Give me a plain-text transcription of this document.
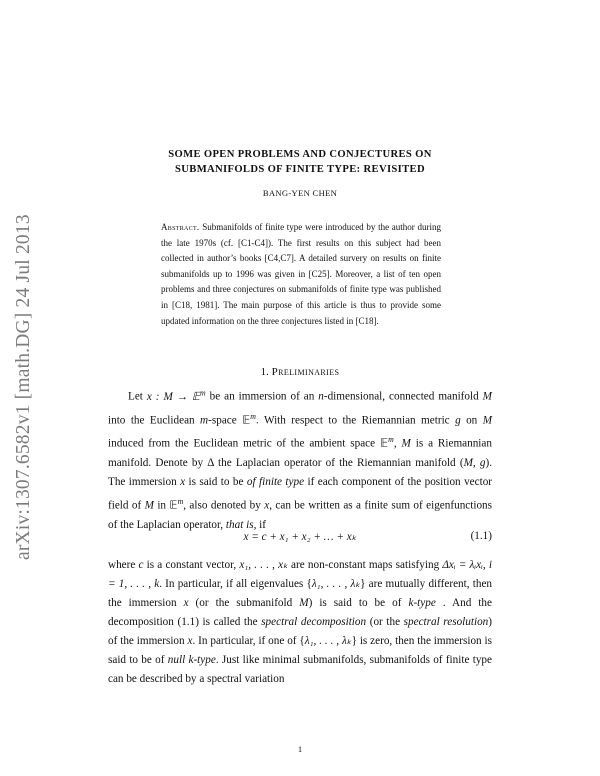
arXiv:1307.6582v1 [math.DG] 24 Jul 2013
SOME OPEN PROBLEMS AND CONJECTURES ON
SUBMANIFOLDS OF FINITE TYPE: REVISITED
BANG-YEN CHEN
Abstract. Submanifolds of finite type were introduced by the author during the late 1970s (cf. [C1-C4]). The first results on this subject had been collected in author’s books [C4,C7]. A detailed survery on results on finite submanifolds up to 1996 was given in [C25]. Moreover, a list of ten open problems and three conjectures on submanifolds of finite type was published in [C18, 1981]. The main purpose of this article is thus to provide some updated information on the three conjectures listed in [C18].
1. Preliminaries
Let x : M → 𝔼$^m$ be an immersion of an n-dimensional, connected manifold M into the Euclidean m-space 𝔼$^m$. With respect to the Riemannian metric g on M induced from the Euclidean metric of the ambient space 𝔼$^m$, M is a Riemannian manifold. Denote by Δ the Laplacian operator of the Riemannian manifold (M, g). The immersion x is said to be of finite type if each component of the position vector field of M in 𝔼$^m$, also denoted by x, can be written as a finite sum of eigenfunctions of the Laplacian operator, that is, if
x = c + x₁ + x₂ + … + xₖ	(1.1)
where c is a constant vector, x₁, . . . , xₖ are non-constant maps satisfying Δxᵢ = λᵢxᵢ, i = 1, . . . , k. In particular, if all eigenvalues {λ₁, . . . , λₖ} are mutually different, then the immersion x (or the submanifold M) is said to be of k-type . And the decomposition (1.1) is called the spectral decomposition (or the spectral resolution) of the immersion x. In particular, if one of {λ₁, . . . , λₖ} is zero, then the immersion is said to be of null k-type. Just like minimal submanifolds, submanifolds of finite type can be described by a spectral variation
1
